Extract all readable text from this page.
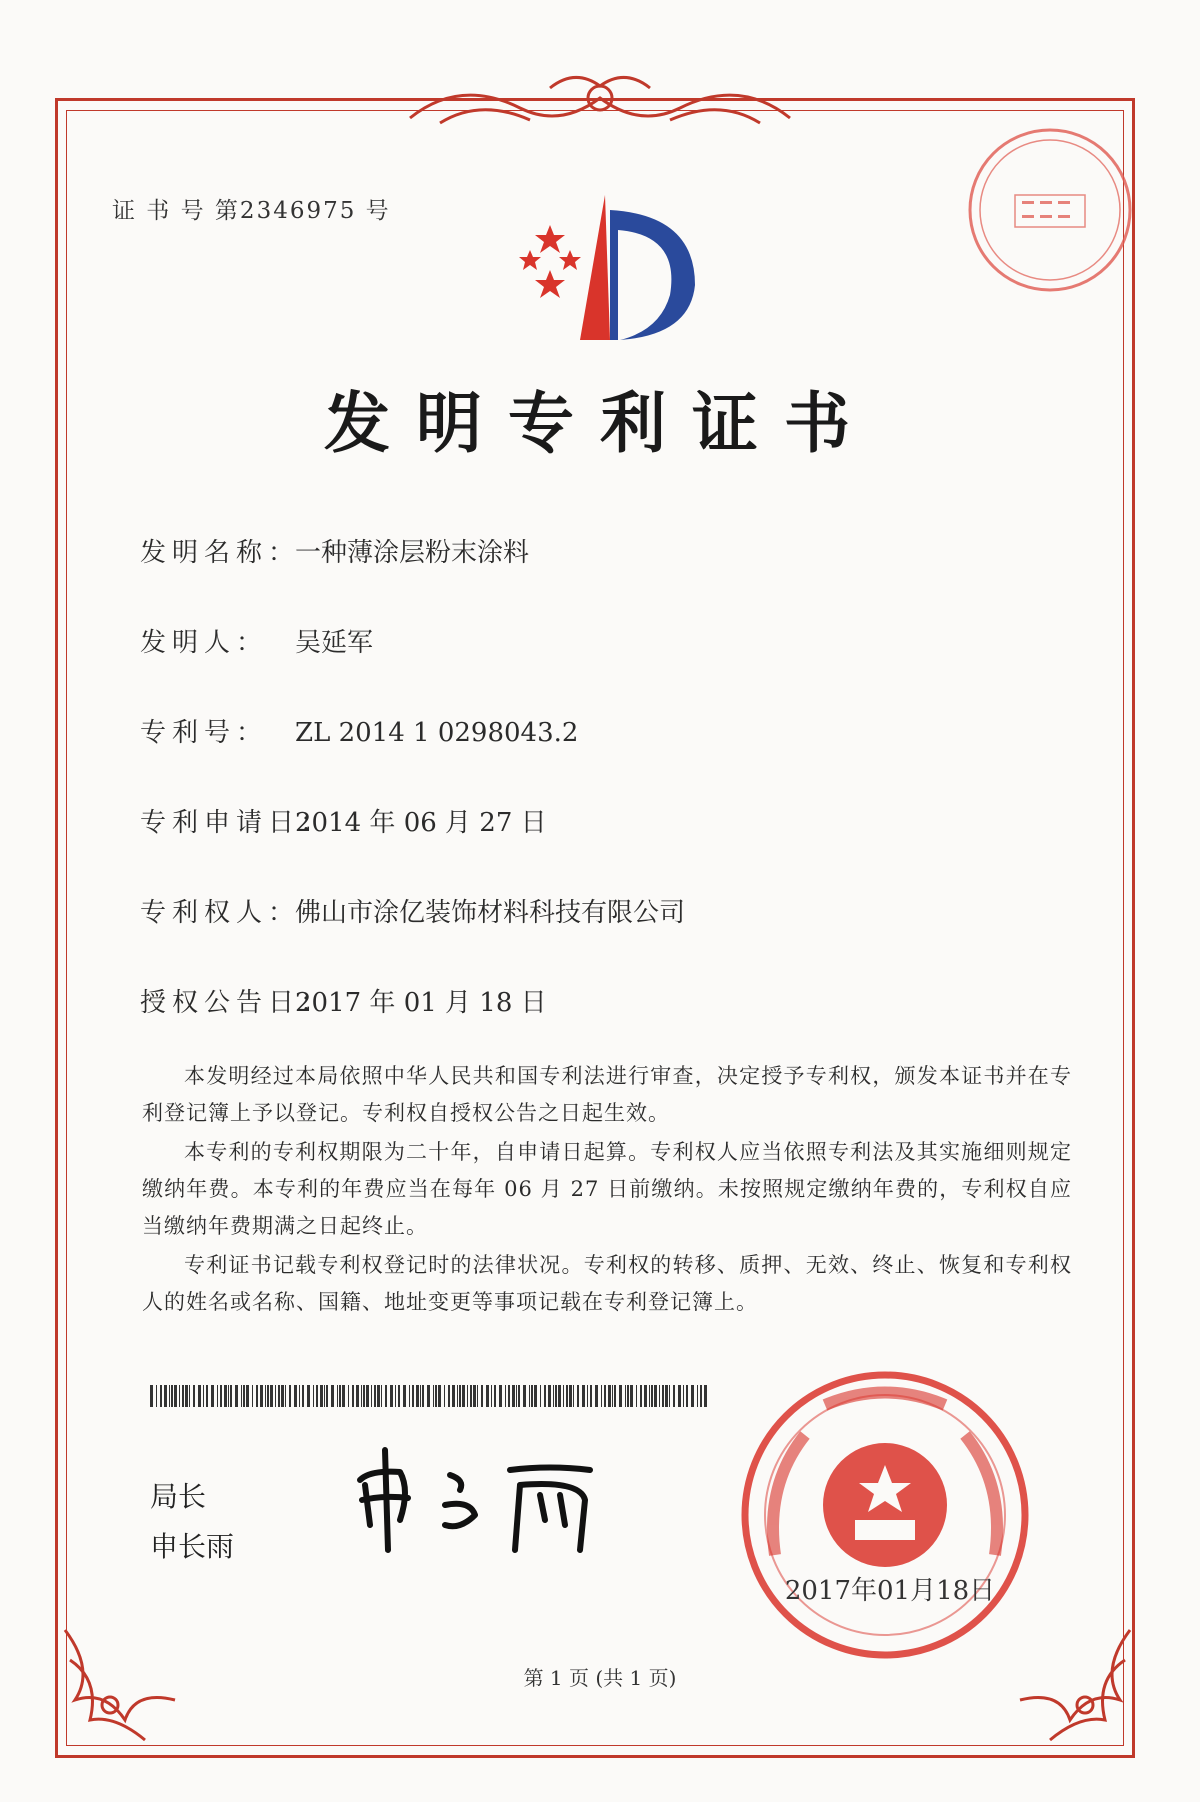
证 书 号 第2346975 号
发明专利证书
发明名称：一种薄涂层粉末涂料
发明人： 吴延军
专利号： ZL 2014 1 0298043.2
专利申请日：2014 年 06 月 27 日
专利权人：佛山市涂亿装饰材料科技有限公司
授权公告日：2017 年 01 月 18 日

本发明经过本局依照中华人民共和国专利法进行审查，决定授予专利权，颁发本证书并在专利登记簿上予以登记。专利权自授权公告之日起生效。

本专利的专利权期限为二十年，自申请日起算。专利权人应当依照专利法及其实施细则规定缴纳年费。本专利的年费应当在每年 06 月 27 日前缴纳。未按照规定缴纳年费的，专利权自应当缴纳年费期满之日起终止。

专利证书记载专利权登记时的法律状况。专利权的转移、质押、无效、终止、恢复和专利权人的姓名或名称、国籍、地址变更等事项记载在专利登记簿上。

局长
申长雨
2017年01月18日
第 1 页 (共 1 页)
